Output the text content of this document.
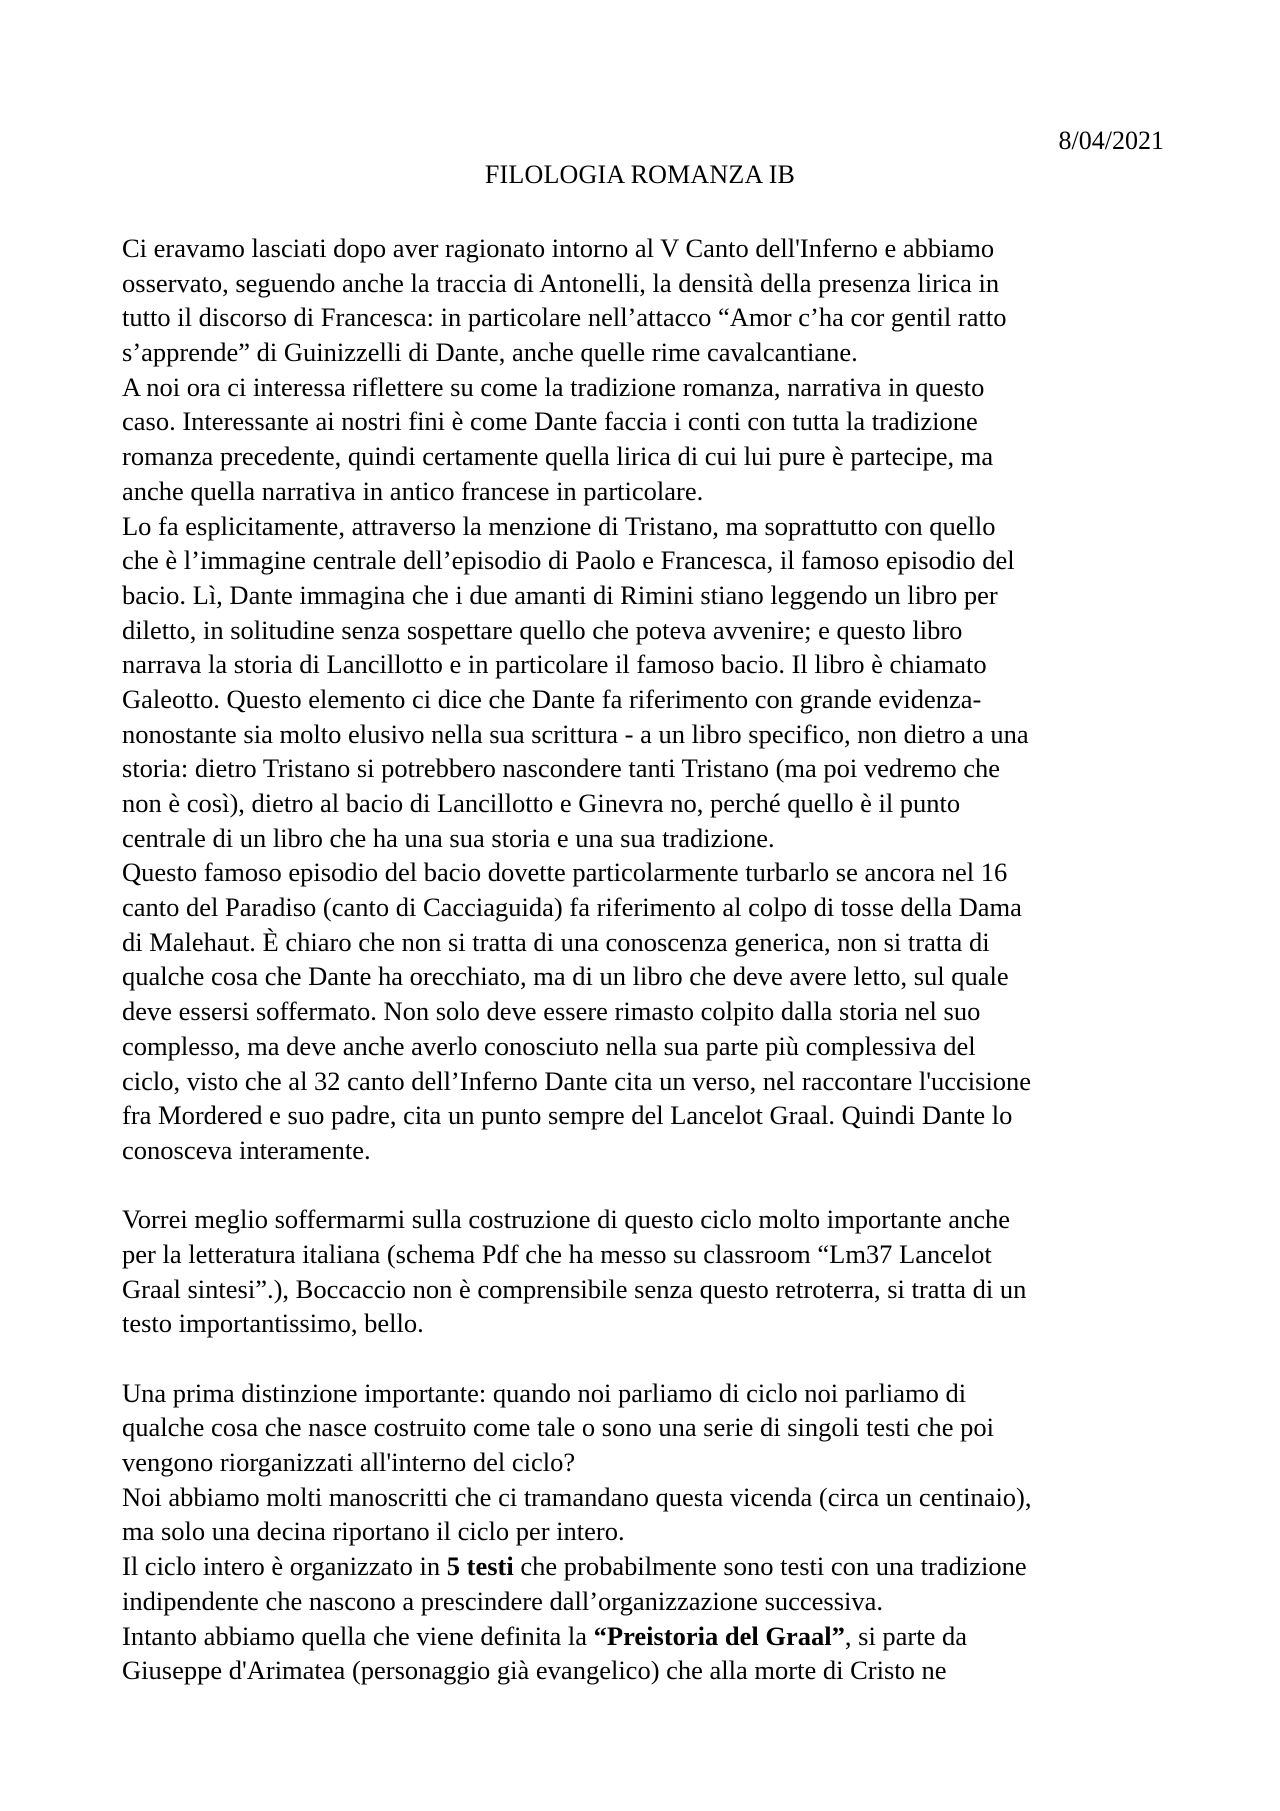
8/04/2021
FILOLOGIA ROMANZA IB
Ci eravamo lasciati dopo aver ragionato intorno al V Canto dell'Inferno e abbiamo
osservato, seguendo anche la traccia di Antonelli, la densità della presenza lirica in
tutto il discorso di Francesca: in particolare nell’attacco “Amor c’ha cor gentil ratto
s’apprende” di Guinizzelli di Dante, anche quelle rime cavalcantiane.
A noi ora ci interessa riflettere su come la tradizione romanza, narrativa in questo
caso. Interessante ai nostri fini è come Dante faccia i conti con tutta la tradizione
romanza precedente, quindi certamente quella lirica di cui lui pure è partecipe, ma
anche quella narrativa in antico francese in particolare.
Lo fa esplicitamente, attraverso la menzione di Tristano, ma soprattutto con quello
che è l’immagine centrale dell’episodio di Paolo e Francesca, il famoso episodio del
bacio. Lì, Dante immagina che i due amanti di Rimini stiano leggendo un libro per
diletto, in solitudine senza sospettare quello che poteva avvenire; e questo libro
narrava la storia di Lancillotto e in particolare il famoso bacio. Il libro è chiamato
Galeotto. Questo elemento ci dice che Dante fa riferimento con grande evidenza-
nonostante sia molto elusivo nella sua scrittura - a un libro specifico, non dietro a una
storia: dietro Tristano si potrebbero nascondere tanti Tristano (ma poi vedremo che
non è così), dietro al bacio di Lancillotto e Ginevra no, perché quello è il punto
centrale di un libro che ha una sua storia e una sua tradizione.
Questo famoso episodio del bacio dovette particolarmente turbarlo se ancora nel 16
canto del Paradiso (canto di Cacciaguida) fa riferimento al colpo di tosse della Dama
di Malehaut. È chiaro che non si tratta di una conoscenza generica, non si tratta di
qualche cosa che Dante ha orecchiato, ma di un libro che deve avere letto, sul quale
deve essersi soffermato. Non solo deve essere rimasto colpito dalla storia nel suo
complesso, ma deve anche averlo conosciuto nella sua parte più complessiva del
ciclo, visto che al 32 canto dell’Inferno Dante cita un verso, nel raccontare l'uccisione
fra Mordered e suo padre, cita un punto sempre del Lancelot Graal. Quindi Dante lo
conosceva interamente.
Vorrei meglio soffermarmi sulla costruzione di questo ciclo molto importante anche
per la letteratura italiana (schema Pdf che ha messo su classroom “Lm37 Lancelot
Graal sintesi”.), Boccaccio non è comprensibile senza questo retroterra, si tratta di un
testo importantissimo, bello.
Una prima distinzione importante: quando noi parliamo di ciclo noi parliamo di
qualche cosa che nasce costruito come tale o sono una serie di singoli testi che poi
vengono riorganizzati all'interno del ciclo?
Noi abbiamo molti manoscritti che ci tramandano questa vicenda (circa un centinaio),
ma solo una decina riportano il ciclo per intero.
Il ciclo intero è organizzato in 5 testi che probabilmente sono testi con una tradizione
indipendente che nascono a prescindere dall’organizzazione successiva.
Intanto abbiamo quella che viene definita la “Preistoria del Graal”, si parte da
Giuseppe d'Arimatea (personaggio già evangelico) che alla morte di Cristo ne
